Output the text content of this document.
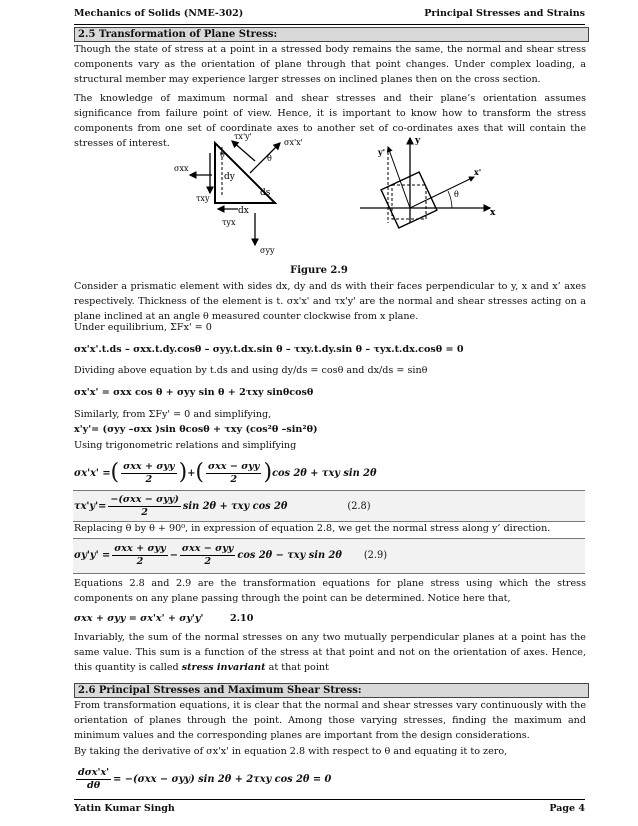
Mechanics of Solids (NME-302)	Principal Stresses and Strains
2.5 Transformation of Plane Stress:

Though the state of stress at a point in a stressed body remains the same, the normal and shear stress components vary as the orientation of plane through that point changes. Under complex loading, a structural member may experience larger stresses on inclined planes then on the cross section.

The knowledge of maximum normal and shear stresses and their plane’s orientation assumes significance from failure point of view. Hence, it is important to know how to transform the stress components from one set of coordinate axes to another set of co-ordinates axes that will contain the stresses of interest.

σxx
τxy
θ
dy
dx
ds
σx'x'
τx'y'
θ
τyx
σyy
y
y'
x
x'
θ
Figure 2.9

Consider a prismatic element with sides dx, dy and ds with their faces perpendicular to y, x and x’ axes respectively. Thickness of the element is t. σx'x' and τx'y' are the normal and shear stresses acting on a plane inclined at an angle θ measured counter clockwise from x plane.

Under equilibrium, ΣFx' = 0
σx'x'.t.ds – σxx.t.dy.cosθ – σyy.t.dx.sin θ – τxy.t.dy.sin θ – τyx.t.dx.cosθ = 0
Dividing above equation by t.ds and using dy/ds = cosθ and dx/ds = sinθ
σx'x' = σxx cos θ + σyy sin θ + 2τxy sinθcosθ
Similarly, from ΣFy' = 0 and simplifying,
x'y'= (σyy –σxx )sin θcosθ + τxy (cos²θ –sin²θ)
Using trigonometric relations and simplifying
σx'x' = ( $\frac{\text{σxx + σyy}}{2}$ ) + ( $\frac{\text{σxx − σyy}}{2}$ ) cos 2θ + τxy sin 2θ
$\tau x'y'= \frac{\text{−(σxx − σyy)}}{2}$ sin 2θ + τxy cos 2θ	(2.8)
Replacing θ by θ + 90⁰, in expression of equation 2.8, we get the normal stress along y’ direction.
$\sigma y'y' = \frac{\text{σxx + σyy}}{2} - \frac{\text{σxx − σyy}}{2}$ cos 2θ − τxy sin 2θ (2.9)

Equations 2.8 and 2.9 are the transformation equations for plane stress using which the stress components on any plane passing through the point can be determined. Notice here that,

σxx + σyy = σx'x' + σy'y'	2.10

Invariably, the sum of the normal stresses on any two mutually perpendicular planes at a point has the same value. This sum is a function of the stress at that point and not on the orientation of axes. Hence, this quantity is called stress invariant at that point

2.6 Principal Stresses and Maximum Shear Stress:

From transformation equations, it is clear that the normal and shear stresses vary continuously with the orientation of planes through the point. Among those varying stresses, finding the maximum and minimum values and the corresponding planes are important from the design considerations.

By taking the derivative of σx'x' in equation 2.8 with respect to θ and equating it to zero,
$\frac{\text{dσx'x'}}{d\theta} = -(\sigma xx - \sigma yy)$ sin 2θ + 2τxy cos 2θ = 0
Yatin Kumar Singh	Page 4
